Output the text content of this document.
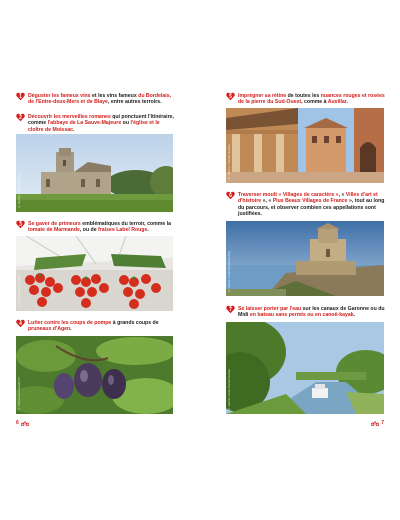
1	Déguster les fameux vins et les vins fameux du Bordelais, de l'Entre-deux-Mers et de Blaye, entre autres terroirs.
2	Découvrir les merveilles romanes qui ponctuent l'itinéraire, comme l'abbaye de La Sauve-Majeure ou l'église et le cloître de Moissac.
© Hemis / Xavier Bonnet
3	Se gaver de primeurs emblématiques du terroir, comme la tomate de Marmande, ou de fraises Label Rouge.
© Jean-Jacques Evrard
4	Lutter contre les coups de pompe à grands coups de pruneaux d'Agen.
© Pixels Gourmands 47
6
5	Imprégner sa rétine de toutes les nuances rouges et rosées de la pierre du Sud-Ouest, comme à Auvillar.
© Hemis / Franck Guiziou
6	Traverser moult « Villages de caractère », « Villes d'art et d'histoire », « Plus Beaux Villages de France », tout au long du parcours, et observer combien ces appellations sont justifiées.
© Hemis / Jean-Daniel Sudres
7	Se laisser porter par l'eau sur les canaux de Garonne ou du Midi en bateau sans permis ou en canoë-kayak.
© Hemis / Jean-Daniel Sudres
7
